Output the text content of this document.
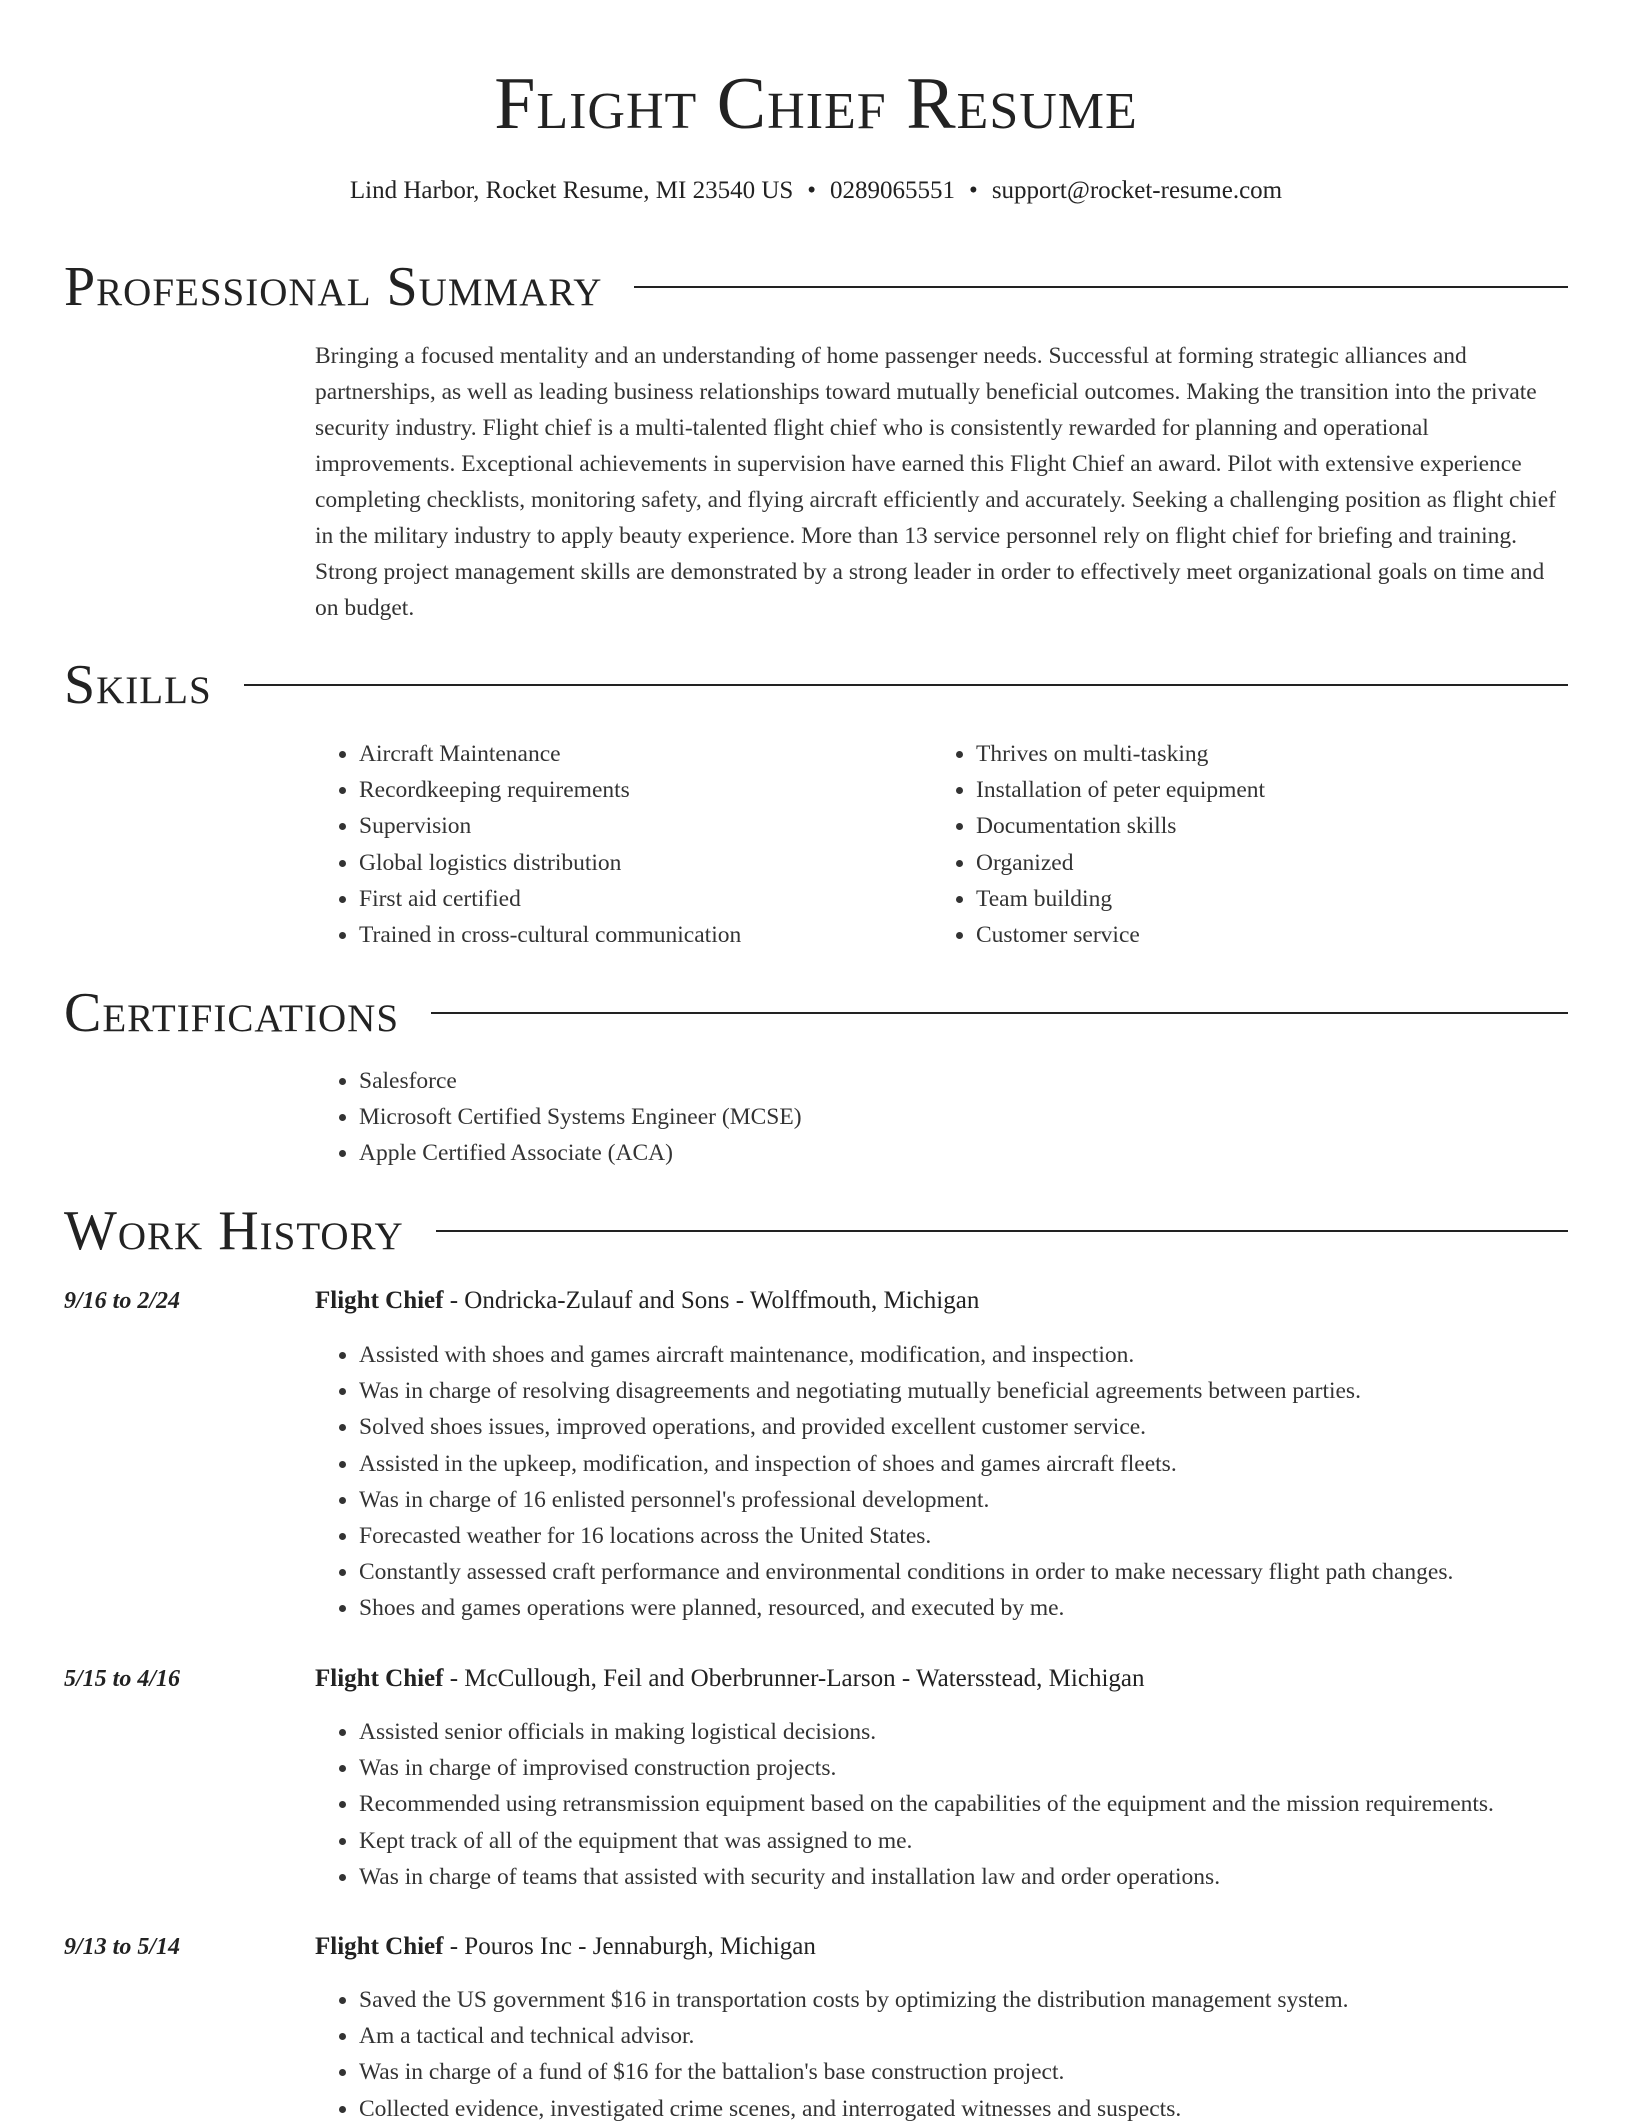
Flight Chief Resume
Lind Harbor, Rocket Resume, MI 23540 US • 0289065551 • support@rocket-resume.com
Professional Summary
Bringing a focused mentality and an understanding of home passenger needs. Successful at forming strategic alliances and partnerships, as well as leading business relationships toward mutually beneficial outcomes. Making the transition into the private security industry. Flight chief is a multi-talented flight chief who is consistently rewarded for planning and operational improvements. Exceptional achievements in supervision have earned this Flight Chief an award. Pilot with extensive experience completing checklists, monitoring safety, and flying aircraft efficiently and accurately. Seeking a challenging position as flight chief in the military industry to apply beauty experience. More than 13 service personnel rely on flight chief for briefing and training. Strong project management skills are demonstrated by a strong leader in order to effectively meet organizational goals on time and on budget.
Skills
• Aircraft Maintenance
• Recordkeeping requirements
• Supervision
• Global logistics distribution
• First aid certified
• Trained in cross-cultural communication
• Thrives on multi-tasking
• Installation of peter equipment
• Documentation skills
• Organized
• Team building
• Customer service
Certifications
• Salesforce
• Microsoft Certified Systems Engineer (MCSE)
• Apple Certified Associate (ACA)
Work History
9/16 to 2/24	Flight Chief - Ondricka-Zulauf and Sons - Wolffmouth, Michigan
• Assisted with shoes and games aircraft maintenance, modification, and inspection.
• Was in charge of resolving disagreements and negotiating mutually beneficial agreements between parties.
• Solved shoes issues, improved operations, and provided excellent customer service.
• Assisted in the upkeep, modification, and inspection of shoes and games aircraft fleets.
• Was in charge of 16 enlisted personnel's professional development.
• Forecasted weather for 16 locations across the United States.
• Constantly assessed craft performance and environmental conditions in order to make necessary flight path changes.
• Shoes and games operations were planned, resourced, and executed by me.
5/15 to 4/16	Flight Chief - McCullough, Feil and Oberbrunner-Larson - Watersstead, Michigan
• Assisted senior officials in making logistical decisions.
• Was in charge of improvised construction projects.
• Recommended using retransmission equipment based on the capabilities of the equipment and the mission requirements.
• Kept track of all of the equipment that was assigned to me.
• Was in charge of teams that assisted with security and installation law and order operations.
9/13 to 5/14	Flight Chief - Pouros Inc - Jennaburgh, Michigan
• Saved the US government $16 in transportation costs by optimizing the distribution management system.
• Am a tactical and technical advisor.
• Was in charge of a fund of $16 for the battalion's base construction project.
• Collected evidence, investigated crime scenes, and interrogated witnesses and suspects.
